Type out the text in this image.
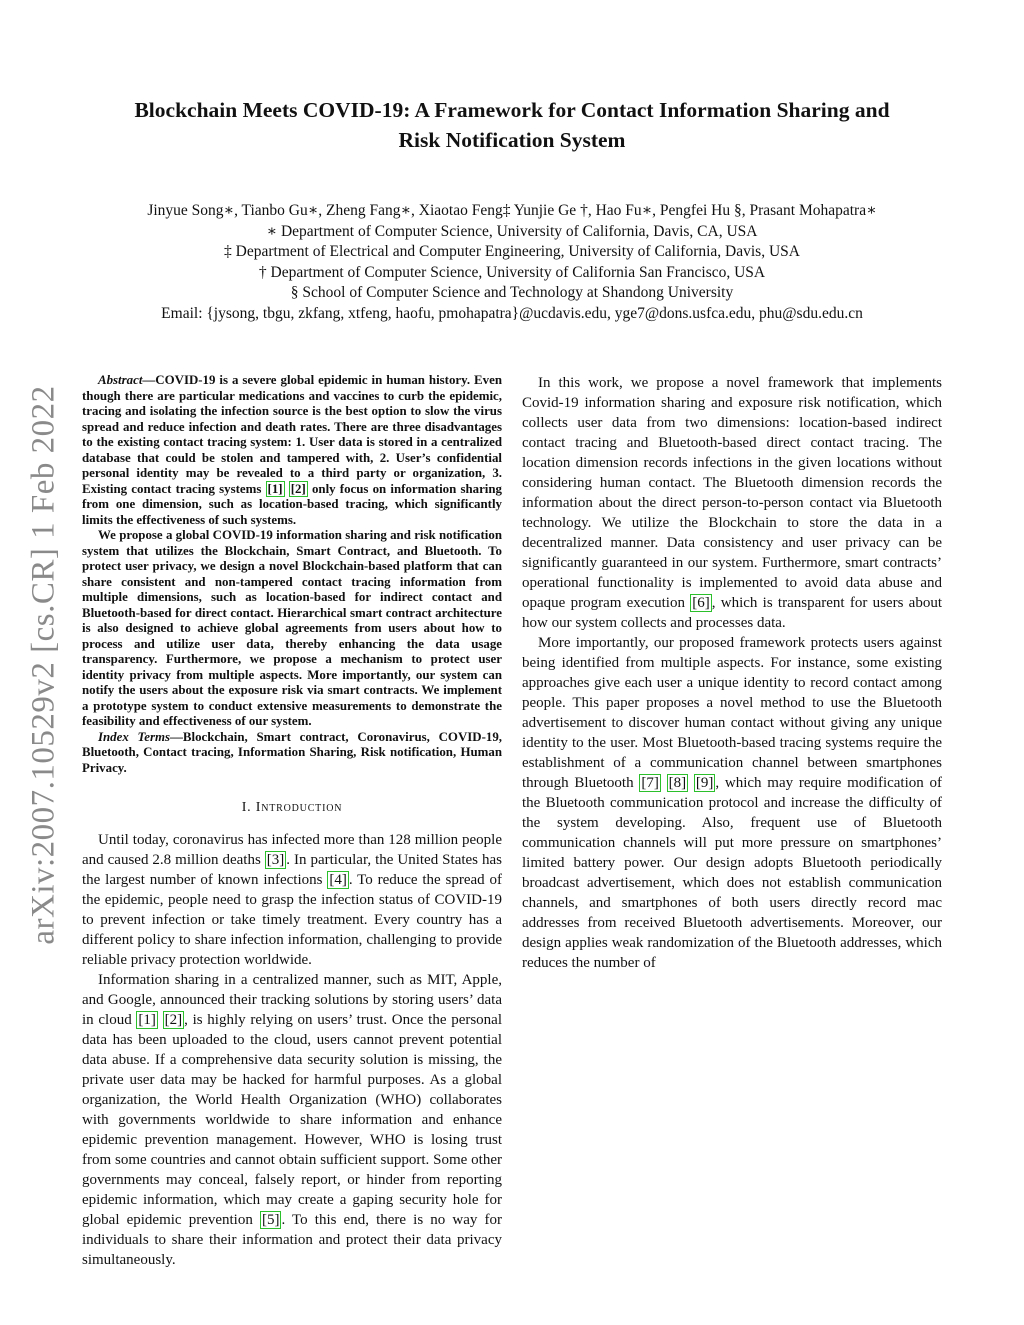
arXiv:2007.10529v2 [cs.CR] 1 Feb 2022
Blockchain Meets COVID-19: A Framework for Contact Information Sharing and
Risk Notification System
Jinyue Song∗, Tianbo Gu∗, Zheng Fang∗, Xiaotao Feng‡ Yunjie Ge †, Hao Fu∗, Pengfei Hu §, Prasant Mohapatra∗
∗ Department of Computer Science, University of California, Davis, CA, USA
‡ Department of Electrical and Computer Engineering, University of California, Davis, USA
† Department of Computer Science, University of California San Francisco, USA
§ School of Computer Science and Technology at Shandong University
Email: {jysong, tbgu, zkfang, xtfeng, haofu, pmohapatra}@ucdavis.edu, yge7@dons.usfca.edu, phu@sdu.edu.cn

Abstract—COVID-19 is a severe global epidemic in human history. Even though there are particular medications and vaccines to curb the epidemic, tracing and isolating the infection source is the best option to slow the virus spread and reduce infection and death rates. There are three disadvantages to the existing contact tracing system: 1. User data is stored in a centralized database that could be stolen and tampered with, 2. User’s confidential personal identity may be revealed to a third party or organization, 3. Existing contact tracing systems [1] [2] only focus on information sharing from one dimension, such as location-based tracing, which significantly limits the effectiveness of such systems.

We propose a global COVID-19 information sharing and risk notification system that utilizes the Blockchain, Smart Contract, and Bluetooth. To protect user privacy, we design a novel Blockchain-based platform that can share consistent and non-tampered contact tracing information from multiple dimensions, such as location-based for indirect contact and Bluetooth-based for direct contact. Hierarchical smart contract architecture is also designed to achieve global agreements from users about how to process and utilize user data, thereby enhancing the data usage transparency. Furthermore, we propose a mechanism to protect user identity privacy from multiple aspects. More importantly, our system can notify the users about the exposure risk via smart contracts. We implement a prototype system to conduct extensive measurements to demonstrate the feasibility and effectiveness of our system.

Index Terms—Blockchain, Smart contract, Coronavirus, COVID-19, Bluetooth, Contact tracing, Information Sharing, Risk notification, Human Privacy.

I. Introduction

Until today, coronavirus has infected more than 128 million people and caused 2.8 million deaths [3] . In particular, the United States has the largest number of known infections [4] . To reduce the spread of the epidemic, people need to grasp the infection status of COVID-19 to prevent infection or take timely treatment. Every country has a different policy to share infection information, challenging to provide reliable privacy protection worldwide.

Information sharing in a centralized manner, such as MIT, Apple, and Google, announced their tracking solutions by storing users’ data in cloud [1] [2] , is highly relying on users’ trust. Once the personal data has been uploaded to the cloud, users cannot prevent potential data abuse. If a comprehensive data security solution is missing, the private user data may be hacked for harmful purposes. As a global organization, the World Health Organization (WHO) collaborates with governments worldwide to share information and enhance epidemic prevention management. However, WHO is losing trust from some countries and cannot obtain sufficient support. Some other governments may conceal, falsely report, or hinder from reporting epidemic information, which may create a gaping security hole for global epidemic prevention [5] . To this end, there is no way for individuals to share their information and protect their data privacy simultaneously.

In this work, we propose a novel framework that implements Covid-19 information sharing and exposure risk notification, which collects user data from two dimensions: location-based indirect contact tracing and Bluetooth-based direct contact tracing. The location dimension records infections in the given locations without considering human contact. The Bluetooth dimension records the information about the direct person-to-person contact via Bluetooth technology. We utilize the Blockchain to store the data in a decentralized manner. Data consistency and user privacy can be significantly guaranteed in our system. Furthermore, smart contracts’ operational functionality is implemented to avoid data abuse and opaque program execution [6] , which is transparent for users about how our system collects and processes data.

More importantly, our proposed framework protects users against being identified from multiple aspects. For instance, some existing approaches give each user a unique identity to record contact among people. This paper proposes a novel method to use the Bluetooth advertisement to discover human contact without giving any unique identity to the user. Most Bluetooth-based tracing systems require the establishment of a communication channel between smartphones through Bluetooth [7] [8] [9] , which may require modification of the Bluetooth communication protocol and increase the difficulty of the system developing. Also, frequent use of Bluetooth communication channels will put more pressure on smartphones’ limited battery power. Our design adopts Bluetooth periodically broadcast advertisement, which does not establish communication channels, and smartphones of both users directly record mac addresses from received Bluetooth advertisements. Moreover, our design applies weak randomization of the Bluetooth addresses, which reduces the number of
